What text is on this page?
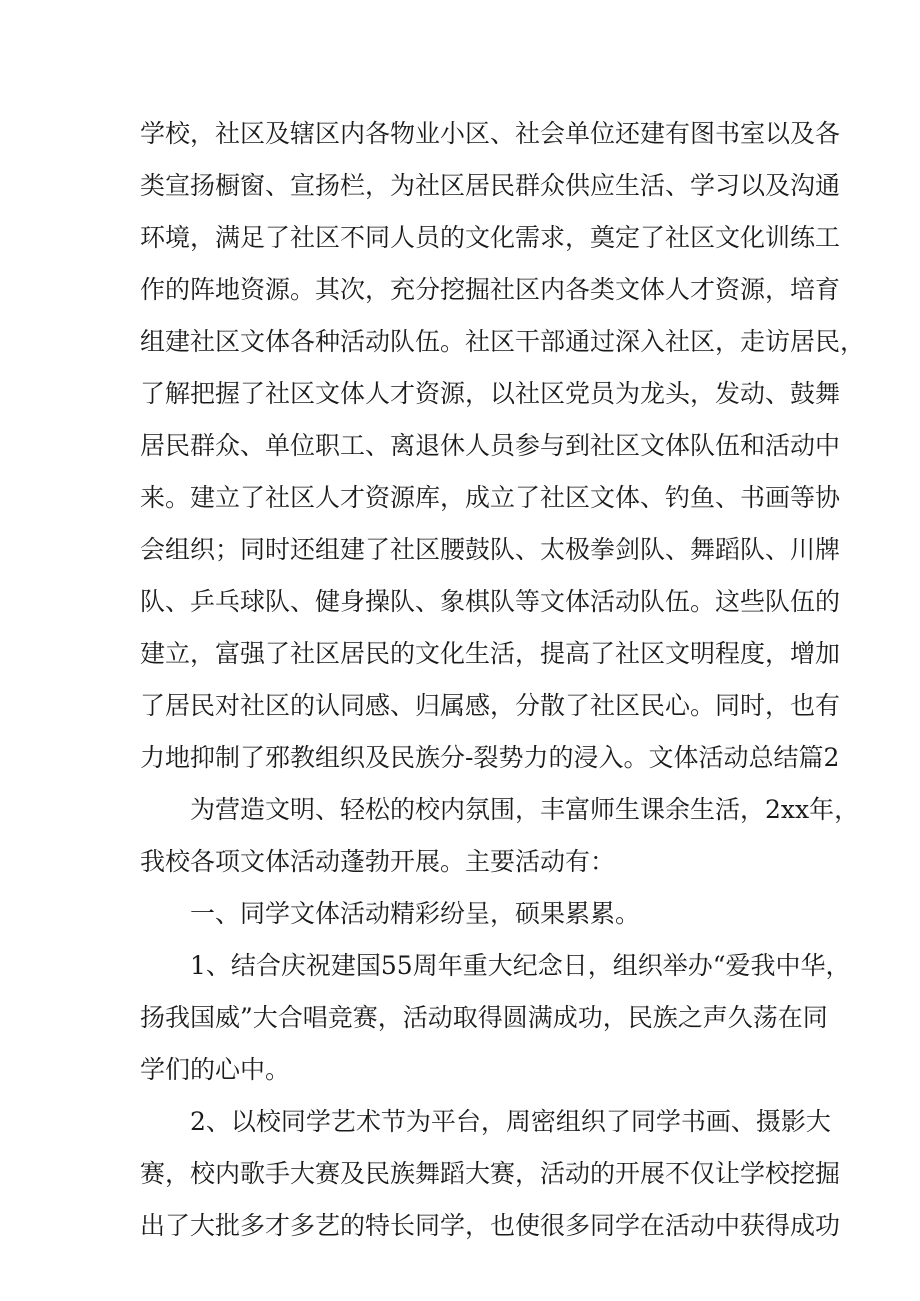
学校，社区及辖区内各物业小区、社会单位还建有图书室以及各
类宣扬橱窗、宣扬栏，为社区居民群众供应生活、学习以及沟通
环境，满足了社区不同人员的文化需求，奠定了社区文化训练工
作的阵地资源。其次，充分挖掘社区内各类文体人才资源，培育
组建社区文体各种活动队伍。社区干部通过深入社区，走访居民，
了解把握了社区文体人才资源，以社区党员为龙头，发动、鼓舞
居民群众、单位职工、离退休人员参与到社区文体队伍和活动中
来。建立了社区人才资源库，成立了社区文体、钓鱼、书画等协
会组织；同时还组建了社区腰鼓队、太极拳剑队、舞蹈队、川牌
队、乒乓球队、健身操队、象棋队等文体活动队伍。这些队伍的
建立，富强了社区居民的文化生活，提高了社区文明程度，增加
了居民对社区的认同感、归属感，分散了社区民心。同时，也有
力地抑制了邪教组织及民族分-裂势力的浸入。文体活动总结篇2
为营造文明、轻松的校内氛围，丰富师生课余生活，2xx年，
我校各项文体活动蓬勃开展。主要活动有：
一、同学文体活动精彩纷呈，硕果累累。
1、结合庆祝建国55周年重大纪念日，组织举办“爱我中华，
扬我国威”大合唱竞赛，活动取得圆满成功，民族之声久荡在同
学们的心中。
2、以校同学艺术节为平台，周密组织了同学书画、摄影大
赛，校内歌手大赛及民族舞蹈大赛，活动的开展不仅让学校挖掘
出了大批多才多艺的特长同学，也使很多同学在活动中获得成功
